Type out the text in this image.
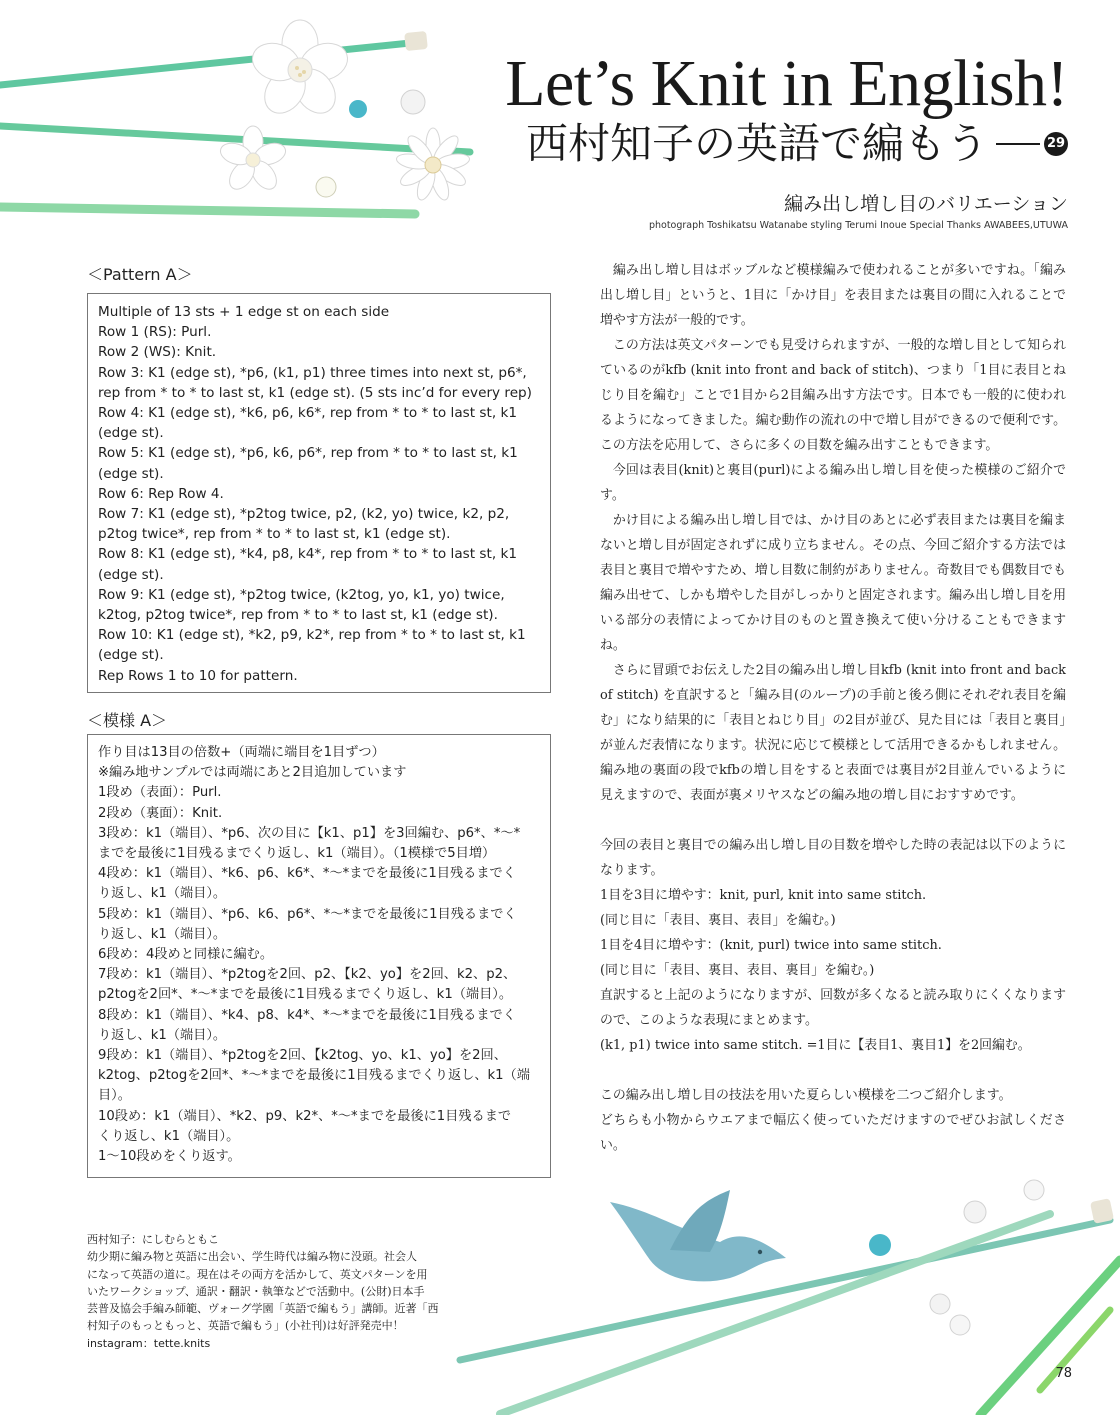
Let’s Knit in English!
西村知子の英語で編もう	29
編み出し増し目のバリエーション
photograph Toshikatsu Watanabe styling Terumi Inoue Special Thanks AWABEES,UTUWA
＜Pattern A＞
Multiple of 13 sts + 1 edge st on each side
Row 1 (RS): Purl.
Row 2 (WS): Knit.
Row 3: K1 (edge st), *p6, (k1, p1) three times into next st, p6*,
rep from * to * to last st, k1 (edge st). (5 sts inc’d for every rep)
Row 4: K1 (edge st), *k6, p6, k6*, rep from * to * to last st, k1
(edge st).
Row 5: K1 (edge st), *p6, k6, p6*, rep from * to * to last st, k1
(edge st).
Row 6: Rep Row 4.
Row 7: K1 (edge st), *p2tog twice, p2, (k2, yo) twice, k2, p2,
p2tog twice*, rep from * to * to last st, k1 (edge st).
Row 8: K1 (edge st), *k4, p8, k4*, rep from * to * to last st, k1
(edge st).
Row 9: K1 (edge st), *p2tog twice, (k2tog, yo, k1, yo) twice,
k2tog, p2tog twice*, rep from * to * to last st, k1 (edge st).
Row 10: K1 (edge st), *k2, p9, k2*, rep from * to * to last st, k1
(edge st).
Rep Rows 1 to 10 for pattern.
＜模様 A＞
作り目は13目の倍数+（両端に端目を1目ずつ）
※編み地サンプルでは両端にあと2目追加しています
1段め（表面）：Purl.
2段め（裏面）：Knit.
3段め：k1（端目）、*p6、次の目に【k1、p1】を3回編む、p6*、*〜*
までを最後に1目残るまでくり返し、k1（端目）。（1模様で5目増）
4段め：k1（端目）、*k6、p6、k6*、*〜*までを最後に1目残るまでく
り返し、k1（端目）。
5段め：k1（端目）、*p6、k6、p6*、*〜*までを最後に1目残るまでく
り返し、k1（端目）。
6段め：4段めと同様に編む。
7段め：k1（端目）、*p2togを2回、p2、【k2、yo】を2回、k2、p2、
p2togを2回*、*〜*までを最後に1目残るまでくり返し、k1（端目）。
8段め：k1（端目）、*k4、p8、k4*、*〜*までを最後に1目残るまでく
り返し、k1（端目）。
9段め：k1（端目）、*p2togを2回、【k2tog、yo、k1、yo】を2回、
k2tog、p2togを2回*、*〜*までを最後に1目残るまでくり返し、k1（端
目）。
10段め：k1（端目）、*k2、p9、k2*、*〜*までを最後に1目残るまで
くり返し、k1（端目）。
1〜10段めをくり返す。

編み出し増し目はボッブルなど模様編みで使われることが多いですね。「編み出し増し目」というと、1目に「かけ目」を表目または裏目の間に入れることで増やす方法が一般的です。

この方法は英文パターンでも見受けられますが、一般的な増し目として知られているのがkfb (knit into front and back of stitch)、つまり「1目に表目とねじり目を編む」ことで1目から2目編み出す方法です。日本でも一般的に使われるようになってきました。編む動作の流れの中で増し目ができるので便利です。この方法を応用して、さらに多くの目数を編み出すこともできます。

今回は表目(knit)と裏目(purl)による編み出し増し目を使った模様のご紹介です。

かけ目による編み出し増し目では、かけ目のあとに必ず表目または裏目を編まないと増し目が固定されずに成り立ちません。その点、今回ご紹介する方法では表目と裏目で増やすため、増し目数に制約がありません。奇数目でも偶数目でも編み出せて、しかも増やした目がしっかりと固定されます。編み出し増し目を用いる部分の表情によってかけ目のものと置き換えて使い分けることもできますね。

さらに冒頭でお伝えした2目の編み出し増し目kfb (knit into front and back of stitch) を直訳すると「編み目(のループ)の手前と後ろ側にそれぞれ表目を編む」になり結果的に「表目とねじり目」の2目が並び、見た目には「表目と裏目」が並んだ表情になります。状況に応じて模様として活用できるかもしれません。編み地の裏面の段でkfbの増し目をすると表面では裏目が2目並んでいるように見えますので、表面が裏メリヤスなどの編み地の増し目におすすめです。

今回の表目と裏目での編み出し増し目の目数を増やした時の表記は以下のようになります。

1目を3目に増やす：knit, purl, knit into same stitch.

(同じ目に「表目、裏目、表目」を編む。)

1目を4目に増やす：(knit, purl) twice into same stitch.

(同じ目に「表目、裏目、表目、裏目」を編む。)

直訳すると上記のようになりますが、回数が多くなると読み取りにくくなりますので、このような表現にまとめます。

(k1, p1) twice into same stitch. =1目に【表目1、裏目1】を2回編む。

この編み出し増し目の技法を用いた夏らしい模様を二つご紹介します。

どちらも小物からウエアまで幅広く使っていただけますのでぜひお試しください。

西村知子：にしむらともこ
幼少期に編み物と英語に出会い、学生時代は編み物に没頭。社会人
になって英語の道に。現在はその両方を活かして、英文パターンを用
いたワークショップ、通訳・翻訳・執筆などで活動中。(公財)日本手
芸普及協会手編み師範、ヴォーグ学園「英語で編もう」講師。近著「西
村知子のもっともっと、英語で編もう」(小社刊)は好評発売中！
instagram：tette.knits
78
